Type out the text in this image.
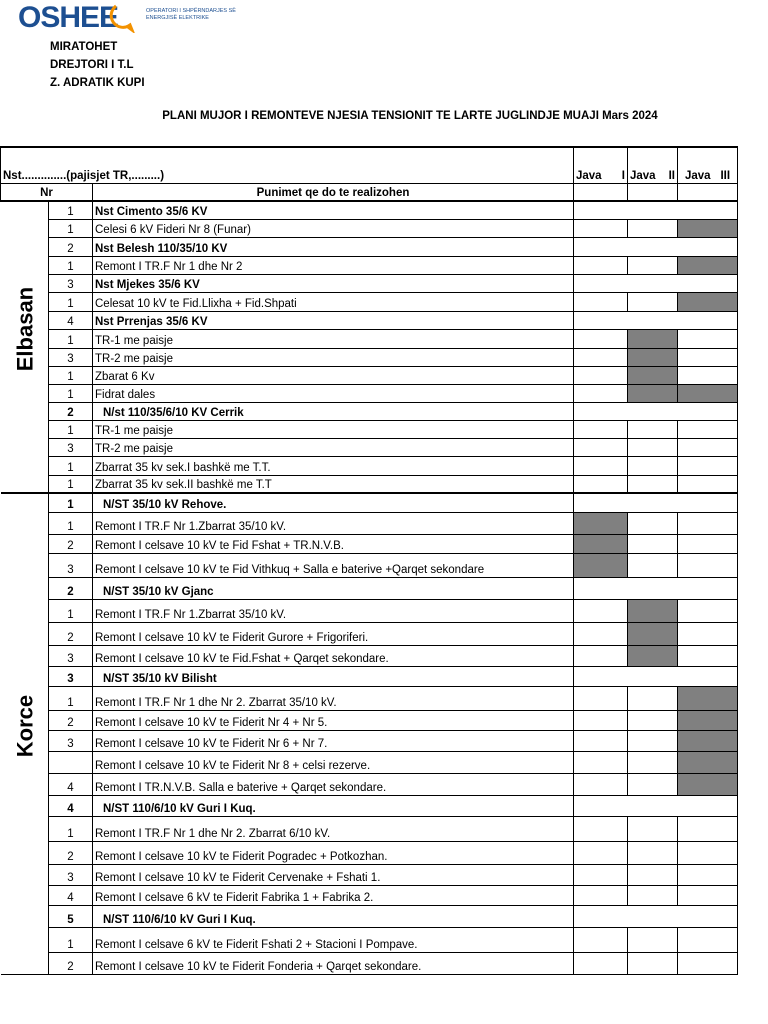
OSHEE	OPERATORI I SHPËRNDARJES SË ENERGJISË ELEKTRIKE
MIRATOHET
DREJTORI I T.L
Z. ADRATIK KUPI
PLANI MUJOR I REMONTEVE NJESIA TENSIONIT TE LARTE JUGLINDJE MUAJI Mars 2024
Nst..............(pajisjet TR,.........)			Java I	Java II	Java III

Nr		Punimet qe do te realizohen			

Elbasan	1	Nst Cimento 35/6 KV			
	1	Celesi 6 kV Fideri Nr 8 (Funar)			
	2	Nst Belesh 110/35/10 KV			
	1	Remont I TR.F Nr 1 dhe Nr 2			
	3	Nst Mjekes 35/6 KV			
	1	Celesat 10 kV te Fid.Llixha + Fid.Shpati			
	4	Nst Prrenjas 35/6 KV			
	1	TR-1 me paisje			
	3	TR-2 me paisje			
	1	Zbarat 6 Kv			
	1	Fidrat dales			
	2	N/st 110/35/6/10 KV Cerrik			
	1	TR-1 me paisje			
	3	TR-2 me paisje			
	1	Zbarrat 35 kv sek.I bashkë me T.T.			
	1	Zbarrat 35 kv sek.II bashkë me T.T			

Korce	1	N/ST 35/10 kV Rehove.			
	1	Remont I TR.F Nr 1.Zbarrat 35/10 kV.			
	2	Remont I celsave 10 kV te Fid Fshat + TR.N.V.B.			
	3	Remont I celsave 10 kV te Fid Vithkuq + Salla e baterive +Qarqet sekondare			
	2	N/ST 35/10 kV Gjanc			
	1	Remont I TR.F Nr 1.Zbarrat 35/10 kV.			
	2	Remont I celsave 10 kV te Fiderit Gurore + Frigoriferi.			
	3	Remont I celsave 10 kV te Fid.Fshat + Qarqet sekondare.			
	3	N/ST 35/10 kV Bilisht			
	1	Remont I TR.F Nr 1 dhe Nr 2. Zbarrat 35/10 kV.			
	2	Remont I celsave 10 kV te Fiderit Nr 4 + Nr 5.			
	3	Remont I celsave 10 kV te Fiderit Nr 6 + Nr 7.			
		Remont I celsave 10 kV te Fiderit Nr 8 + celsi rezerve.			
	4	Remont I TR.N.V.B. Salla e baterive + Qarqet sekondare.			
	4	N/ST 110/6/10 kV Guri I Kuq.			
	1	Remont I TR.F Nr 1 dhe Nr 2. Zbarrat 6/10 kV.			
	2	Remont I celsave 10 kV te Fiderit Pogradec + Potkozhan.			
	3	Remont I celsave 10 kV te Fiderit Cervenake + Fshati 1.			
	4	Remont I celsave 6 kV te Fiderit Fabrika 1 + Fabrika 2.			
	5	N/ST 110/6/10 kV Guri I Kuq.			
	1	Remont I celsave 6 kV te Fiderit Fshati 2 + Stacioni I Pompave.			
	2	Remont I celsave 10 kV te Fiderit Fonderia + Qarqet sekondare.			
